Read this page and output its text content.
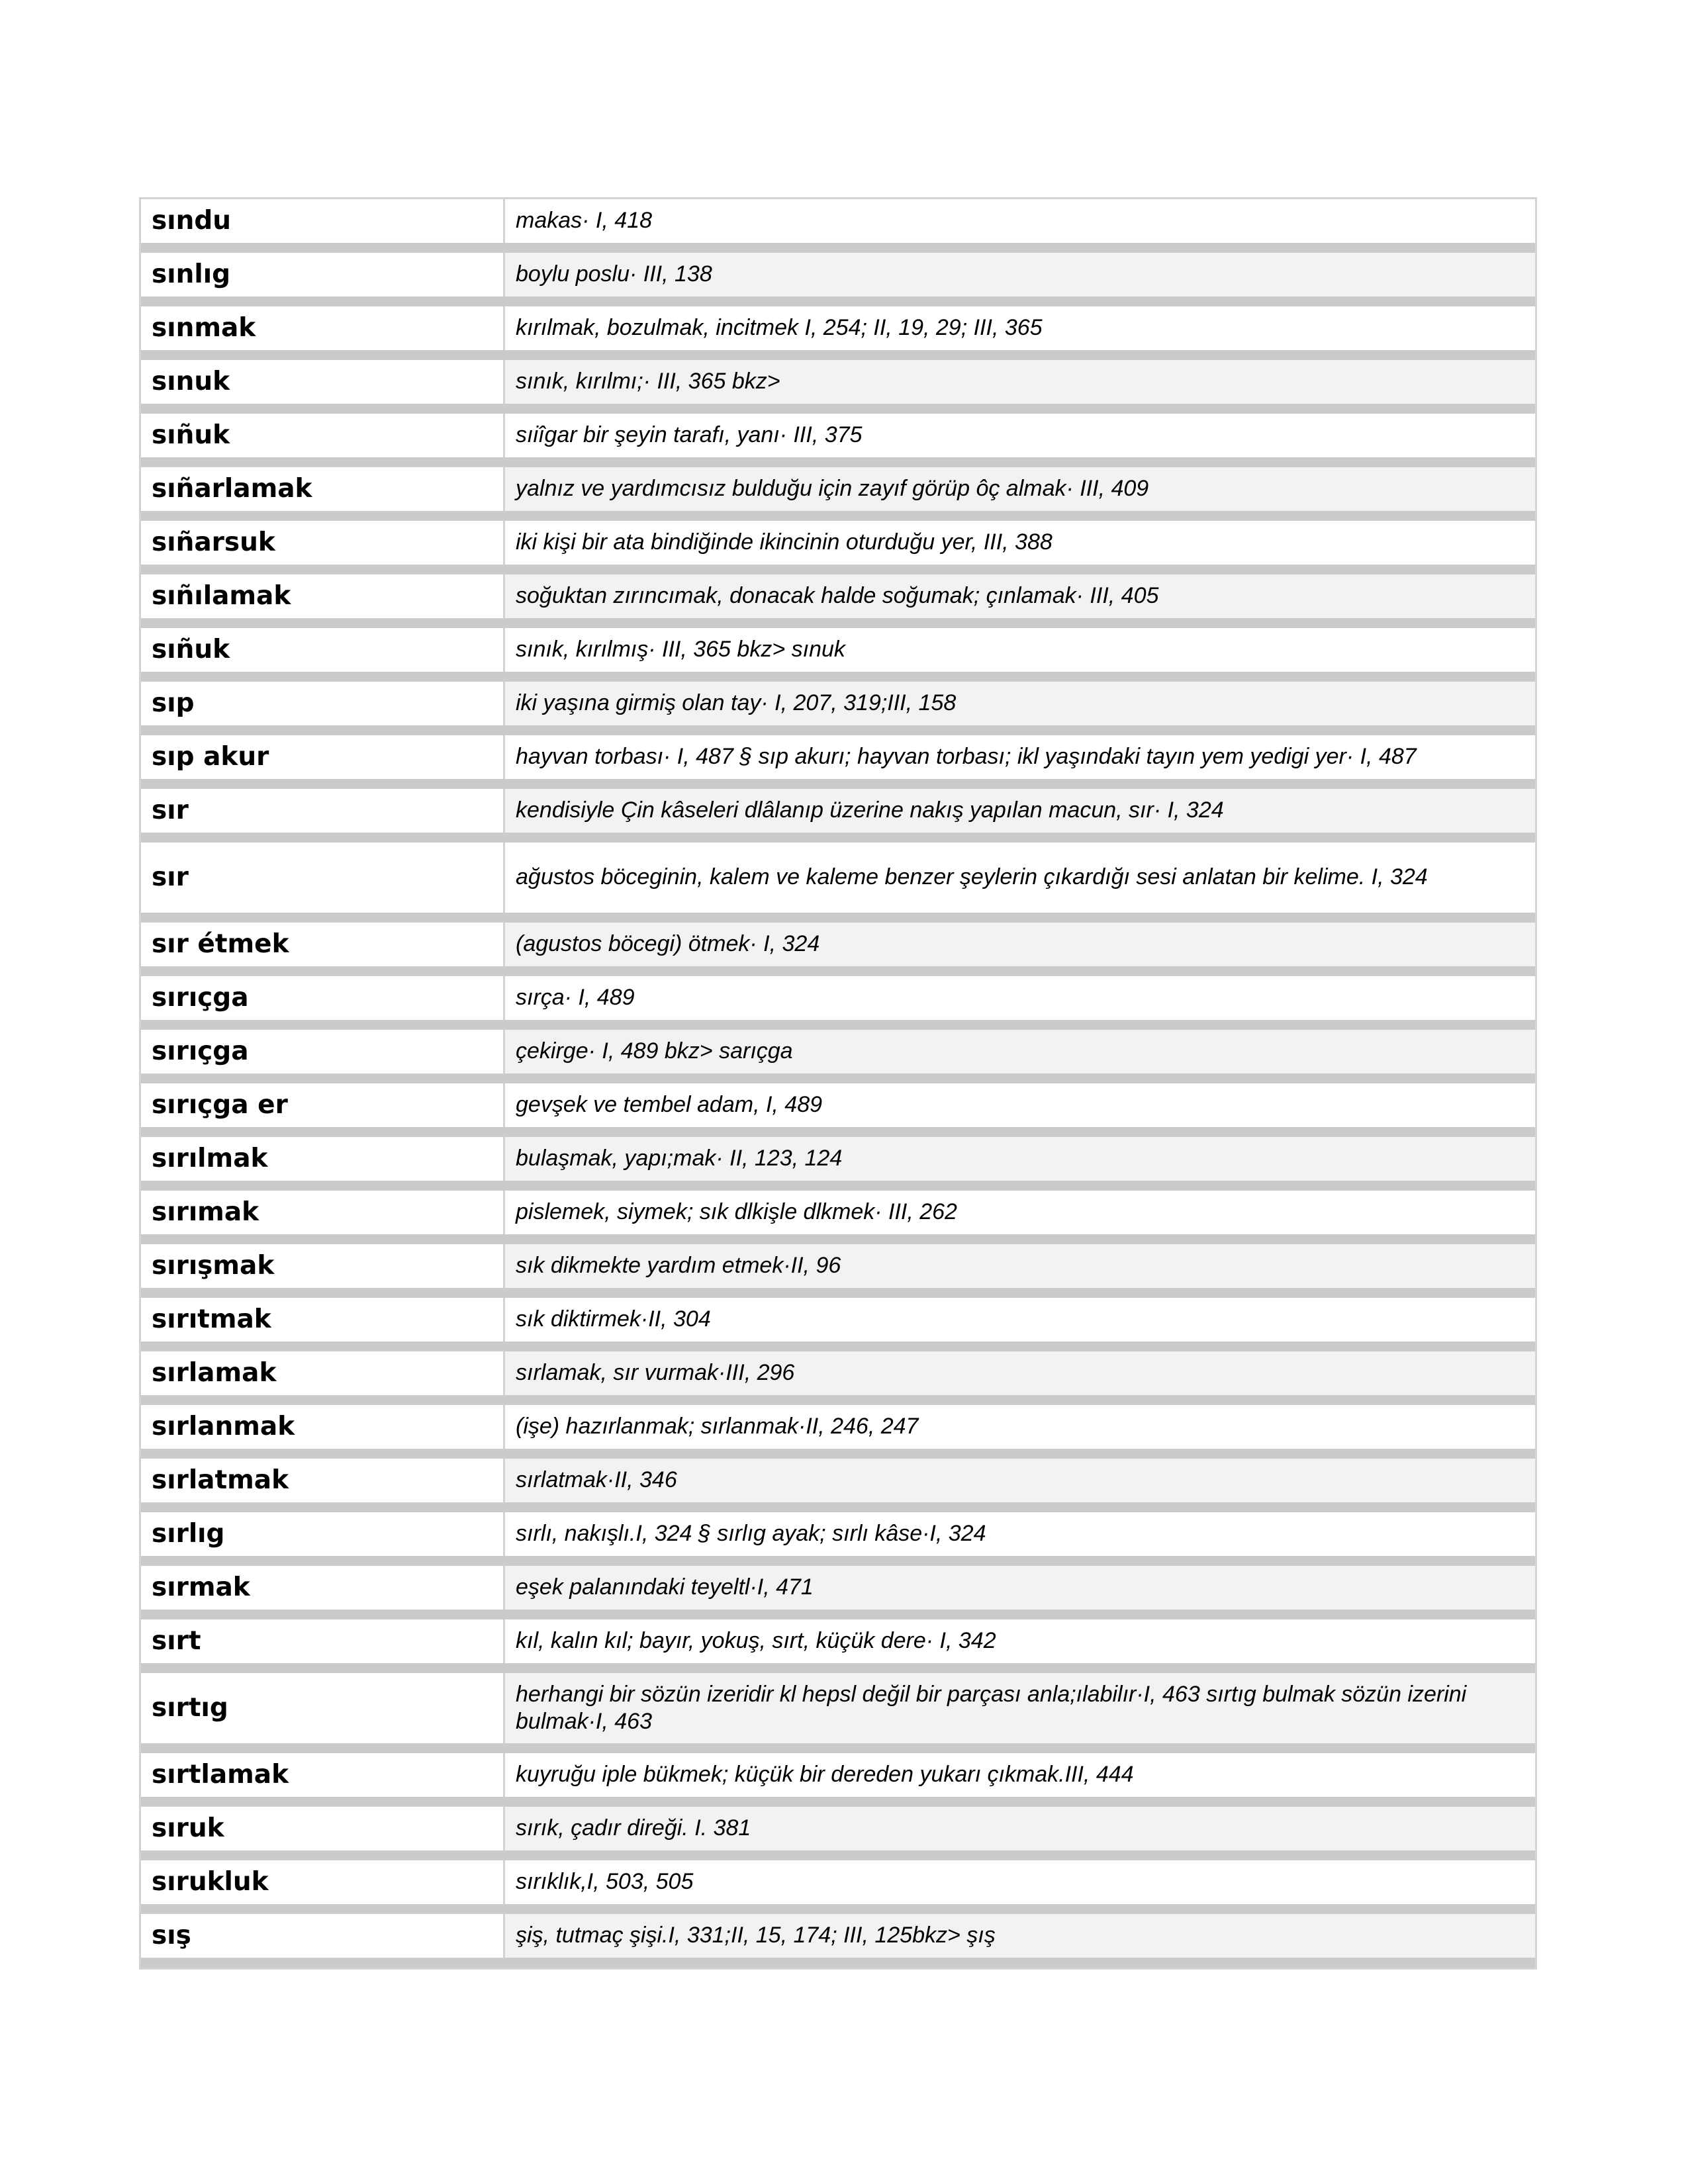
sındu	makas· I, 418
sınlıg	boylu poslu· III, 138
sınmak	kırılmak, bozulmak, incitmek I, 254; II, 19, 29; III, 365
sınuk	sınık, kırılmı;· III, 365 bkz>
sıñuk	sıiîgar bir şeyin tarafı, yanı· III, 375
sıñarlamak	yalnız ve yardımcısız bulduğu için zayıf görüp ôç almak· III, 409
sıñarsuk	iki kişi bir ata bindiğinde ikincinin oturduğu yer, III, 388
sıñılamak	soğuktan zırıncımak, donacak halde soğumak; çınlamak· III, 405
sıñuk	sınık, kırılmış· III, 365 bkz> sınuk
sıp	iki yaşına girmiş olan tay· I, 207, 319;III, 158
sıp akur	hayvan torbası· I, 487 § sıp akurı; hayvan torbası; ikl yaşındaki tayın yem yedigi yer· I, 487
sır	kendisiyle Çin kâseleri dlâlanıp üzerine nakış yapılan macun, sır· I, 324
sır	ağustos böceginin, kalem ve kaleme benzer şeylerin çıkardığı sesi anlatan bir kelime. I, 324
sır étmek	(agustos böcegi) ötmek· I, 324
sırıçga	sırça· I, 489
sırıçga	çekirge· I, 489 bkz> sarıçga
sırıçga er	gevşek ve tembel adam, I, 489
sırılmak	bulaşmak, yapı;mak· II, 123, 124
sırımak	pislemek, siymek; sık dlkişle dlkmek· III, 262
sırışmak	sık dikmekte yardım etmek·II, 96
sırıtmak	sık diktirmek·II, 304
sırlamak	sırlamak, sır vurmak·III, 296
sırlanmak	(işe) hazırlanmak; sırlanmak·II, 246, 247
sırlatmak	sırlatmak·II, 346
sırlıg	sırlı, nakışlı.I, 324 § sırlıg ayak; sırlı kâse·I, 324
sırmak	eşek palanındaki teyeltl·I, 471
sırt	kıl, kalın kıl; bayır, yokuş, sırt, küçük dere· I, 342
sırtıg	herhangi bir sözün izeridir kl hepsl değil bir parçası anla;ılabilır·I, 463 sırtıg bulmak sözün izerini bulmak·I, 463
sırtlamak	kuyruğu iple bükmek; küçük bir dereden yukarı çıkmak.III, 444
sıruk	sırık, çadır direği. I. 381
sırukluk	sırıklık,I, 503, 505
sış	şiş, tutmaç şişi.I, 331;II, 15, 174; III, 125bkz> şış
